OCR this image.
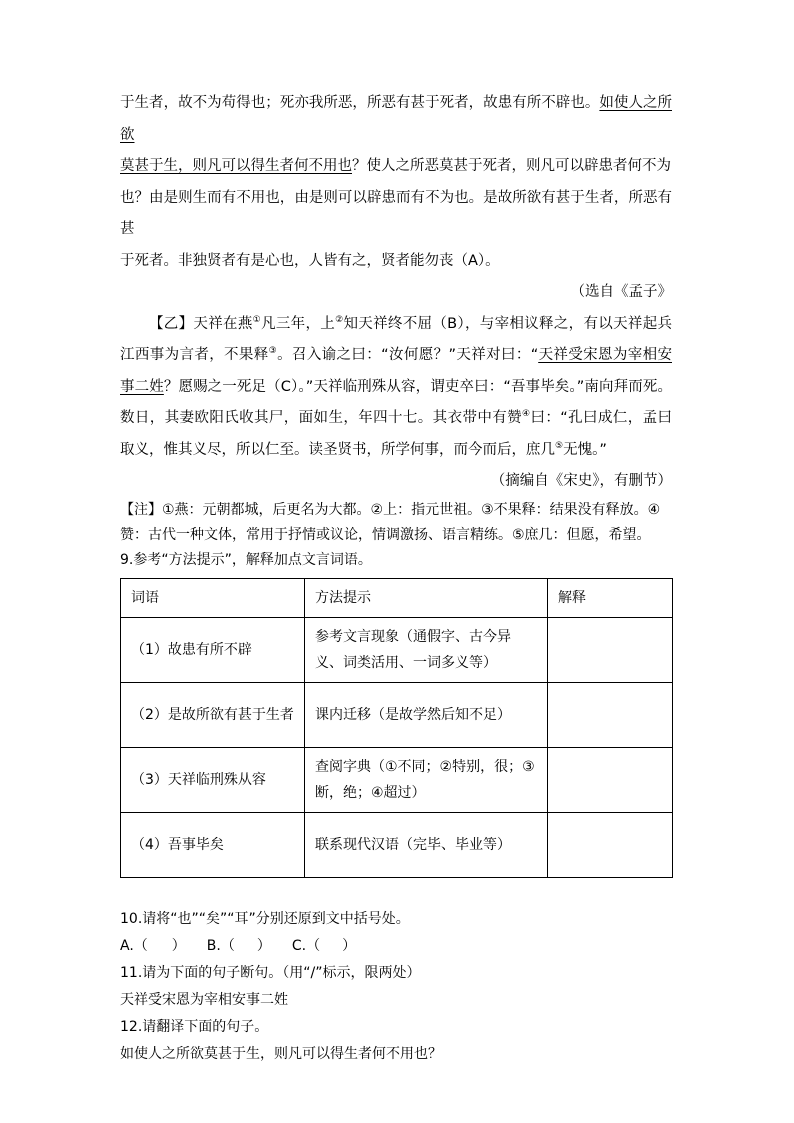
于生者，故不为苟得也；死亦我所恶，所恶有甚于死者，故患有所不辟也。如使人之所欲

莫甚于生，则凡可以得生者何不用也？使人之所恶莫甚于死者，则凡可以辟患者何不为

也？由是则生而有不用也，由是则可以辟患而有不为也。是故所欲有甚于生者，所恶有甚

于死者。非独贤者有是心也，人皆有之，贤者能勿丧（A）。

（选自《孟子》

【乙】天祥在燕①凡三年，上②知天祥终不屈（B），与宰相议释之，有以天祥起兵江西事为言者，不果释③。召入谕之曰：“汝何愿？”天祥对曰：“天祥受宋恩为宰相安事二姓？愿赐之一死足（C）。”天祥临刑殊从容，谓吏卒曰：“吾事毕矣。”南向拜而死。数日，其妻欧阳氏收其尸，面如生，年四十七。其衣带中有赞④曰：“孔曰成仁，孟曰取义，惟其义尽，所以仁至。读圣贤书，所学何事，而今而后，庶几⑤无愧。”

（摘编自《宋史》，有删节）

【注】①燕：元朝都城，后更名为大都。②上：指元世祖。③不果释：结果没有释放。④赞：古代一种文体，常用于抒情或议论，情调激扬、语言精练。⑤庶几：但愿，希望。

9.参考“方法提示”，解释加点文言词语。

词语	方法提示	解释
（1）故患有所不辟	参考文言现象（通假字、古今异义、词类活用、一词多义等）	
（2）是故所欲有甚于生者	课内迁移（是故学然后知不足）	
（3）天祥临刑殊从容	查阅字典（①不同；②特别，很；③断，绝；④超过）	
（4）吾事毕矣	联系现代汉语（完毕、毕业等）	

10.请将“也”“矣”“耳”分别还原到文中括号处。

A.（ ）　　B.（ ）　　C.（ ）

11.请为下面的句子断句。（用“/”标示，限两处）

天祥受宋恩为宰相安事二姓

12.请翻译下面的句子。

如使人之所欲莫甚于生，则凡可以得生者何不用也？
